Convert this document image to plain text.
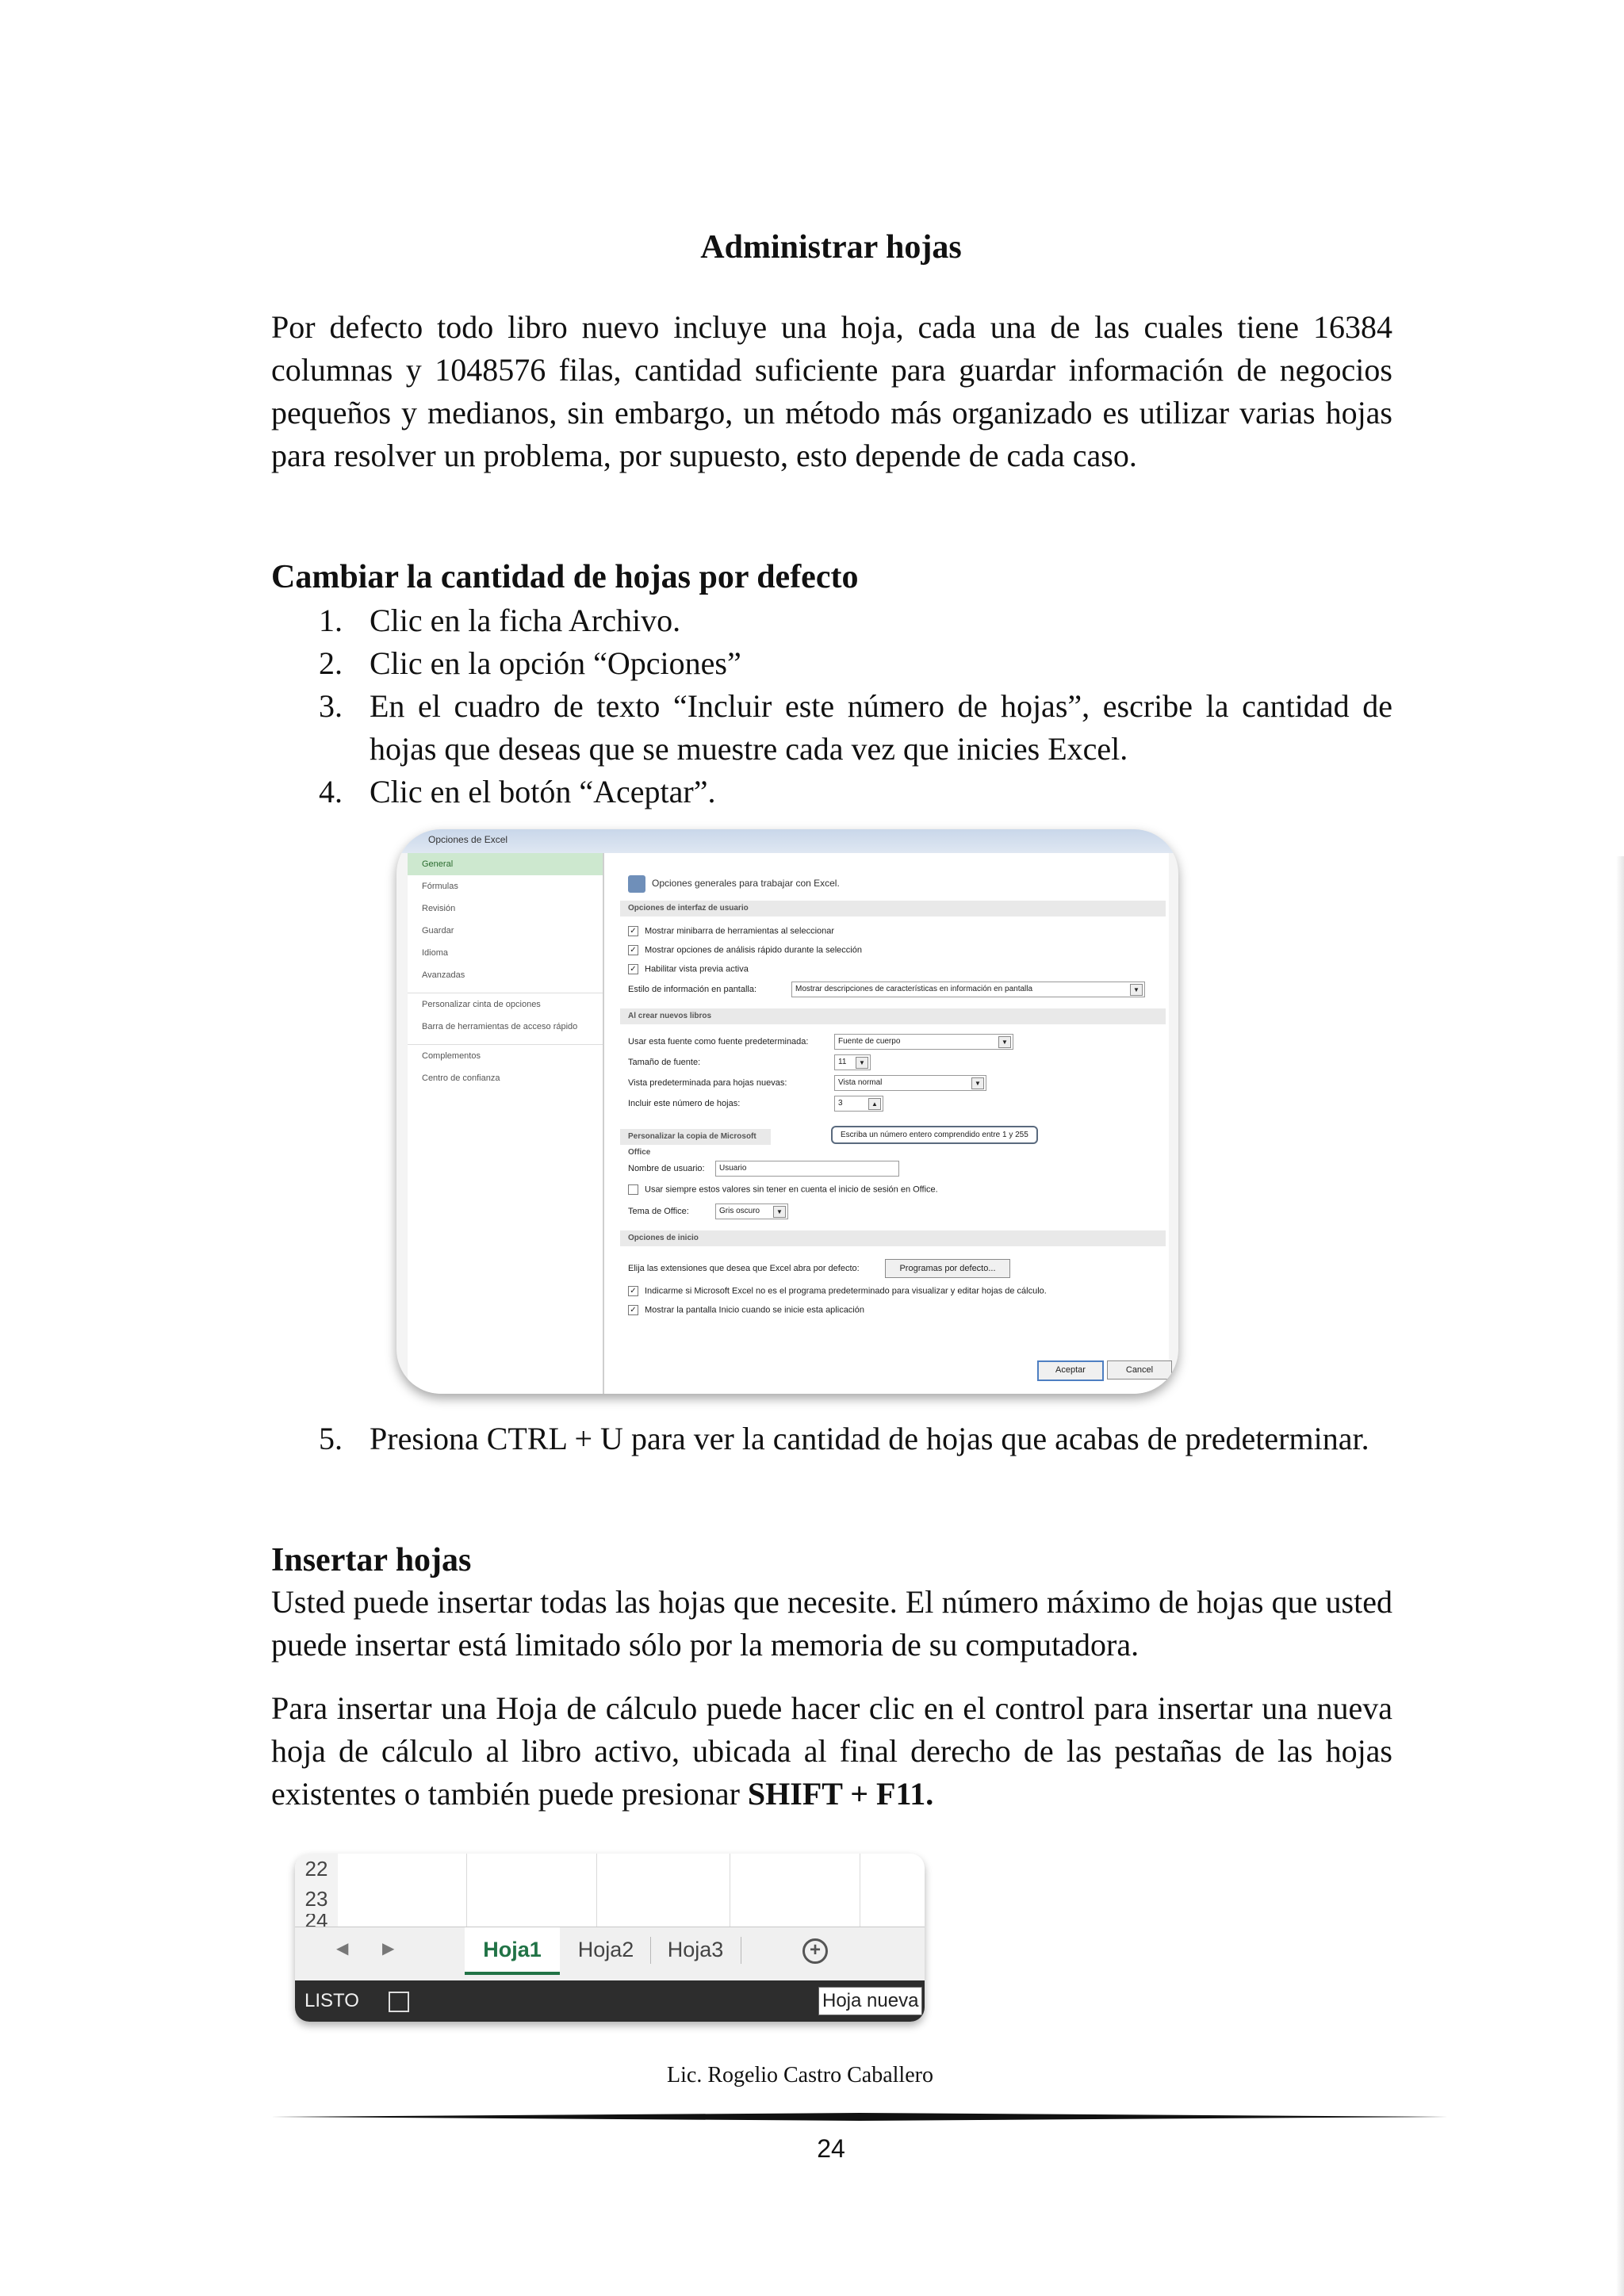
Administrar hojas

Por defecto todo libro nuevo incluye una hoja, cada una de las cuales tiene 16384 columnas y 1048576 filas, cantidad suficiente para guardar información de negocios pequeños y medianos, sin embargo, un método más organizado es utilizar varias hojas para resolver un problema, por supuesto, esto depende de cada caso.

Cambiar la cantidad de hojas por defecto
1. Clic en la ficha Archivo.
2. Clic en la opción “Opciones”
3. En el cuadro de texto “Incluir este número de hojas”, escribe la cantidad de hojas que deseas que se muestre cada vez que inicies Excel.
4. Clic en el botón “Aceptar”.
Opciones de Excel
General
Fórmulas
Revisión
Guardar
Idioma
Avanzadas
Personalizar cinta de opciones
Barra de herramientas de acceso rápido
Complementos
Centro de confianza
Opciones generales para trabajar con Excel.
Opciones de interfaz de usuario
✓ Mostrar minibarra de herramientas al seleccionar
✓ Mostrar opciones de análisis rápido durante la selección
✓ Habilitar vista previa activa
Estilo de información en pantalla:	Mostrar descripciones de características en información en pantalla	▼
Al crear nuevos libros
Usar esta fuente como fuente predeterminada:	Fuente de cuerpo	▼
Tamaño de fuente:	11	▼
Vista predeterminada para hojas nuevas:	Vista normal	▼
Incluir este número de hojas:	3	▲
Escriba un número entero comprendido entre 1 y 255
Personalizar la copia de Microsoft Office
Nombre de usuario:	Usuario
Usar siempre estos valores sin tener en cuenta el inicio de sesión en Office.
Tema de Office:	Gris oscuro	▼
Opciones de inicio
Elija las extensiones que desea que Excel abra por defecto:	Programas por defecto...
✓ Indicarme si Microsoft Excel no es el programa predeterminado para visualizar y editar hojas de cálculo.
✓ Mostrar la pantalla Inicio cuando se inicie esta aplicación
Aceptar	Cancel
5. Presiona CTRL + U para ver la cantidad de hojas que acabas de predeterminar.
Insertar hojas

Usted puede insertar todas las hojas que necesite. El número máximo de hojas que usted puede insertar está limitado sólo por la memoria de su computadora.

Para insertar una Hoja de cálculo puede hacer clic en el control para insertar una nueva hoja de cálculo al libro activo, ubicada al final derecho de las pestañas de las hojas existentes o también puede presionar SHIFT + F11.

22
23
24
◀ ▶	Hoja1	Hoja2	Hoja3	+
LISTO	Hoja nueva
Lic. Rogelio Castro Caballero
24
